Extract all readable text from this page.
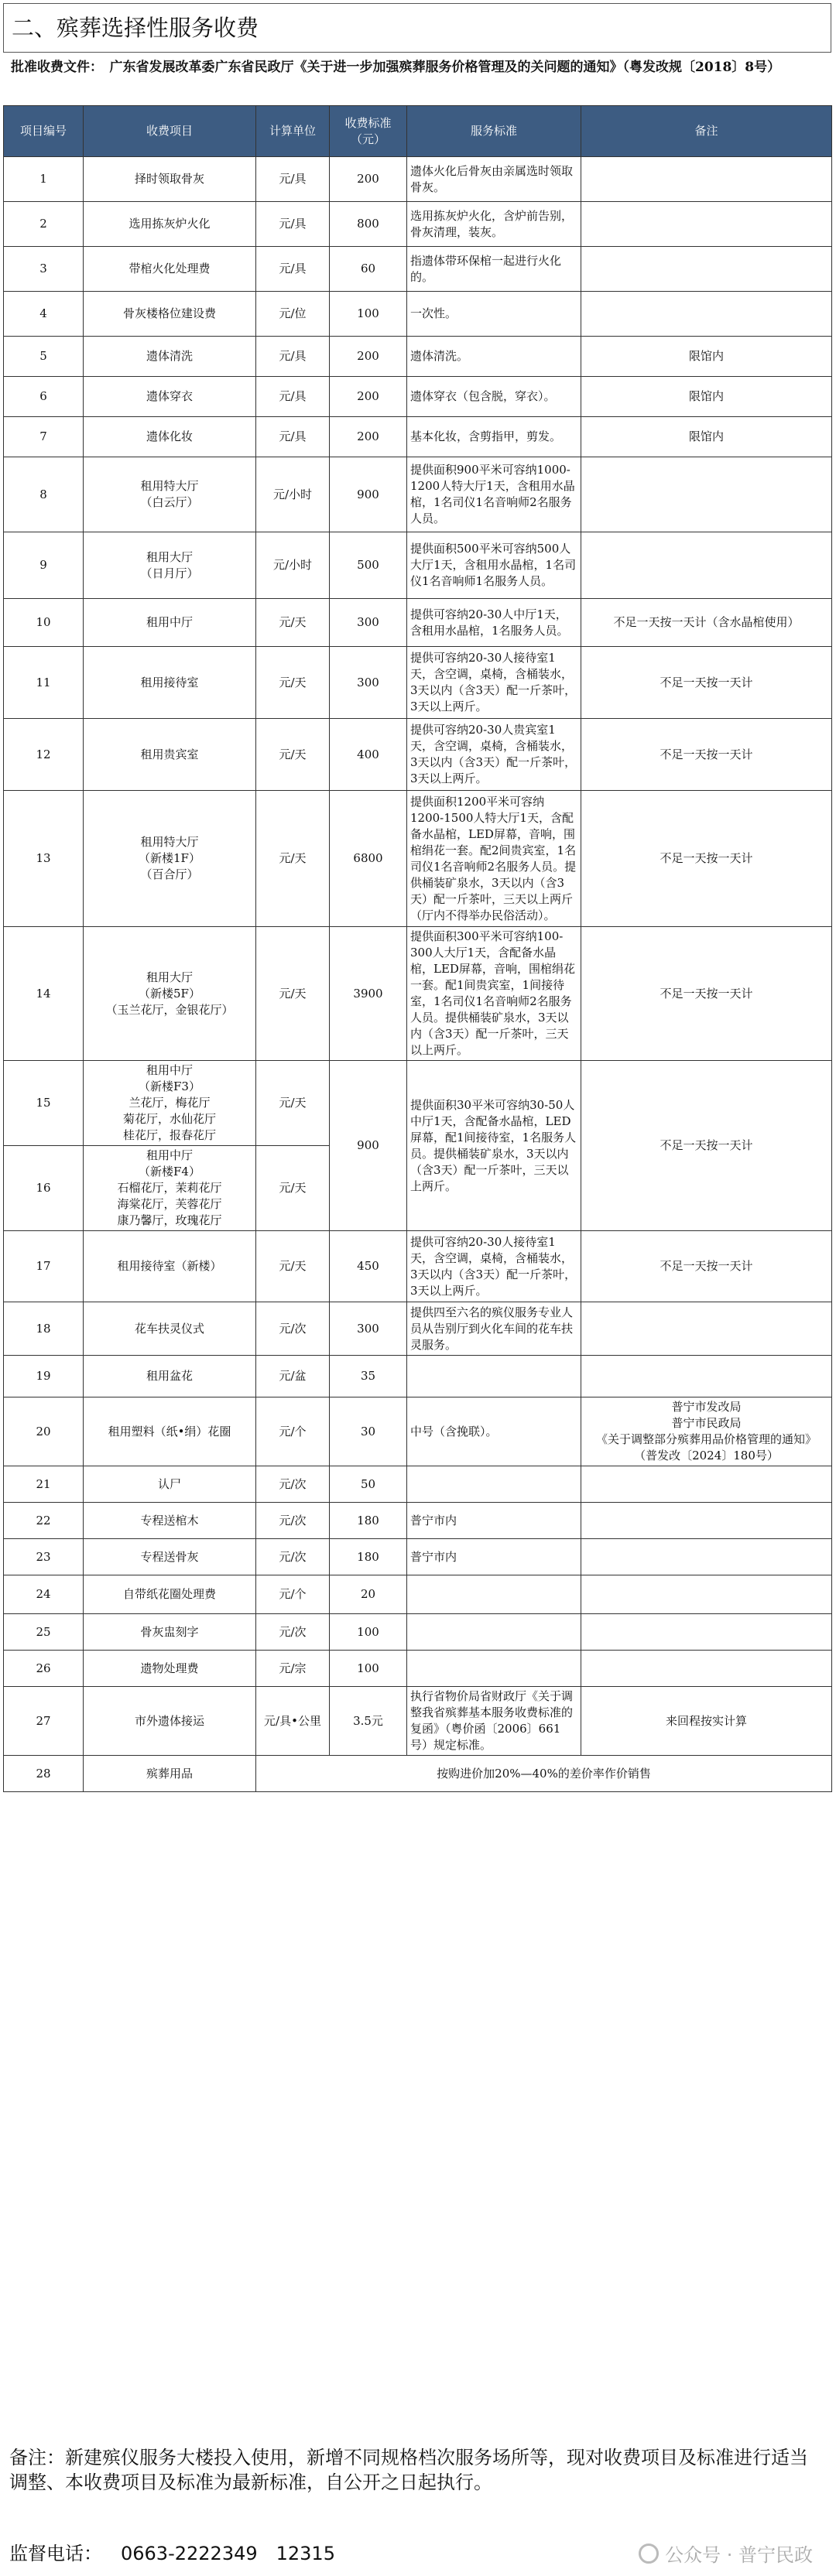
二、殡葬选择性服务收费
批准收费文件：　广东省发展改革委广东省民政厅《关于进一步加强殡葬服务价格管理及的关问题的通知》（粤发改规〔2018〕8号）
项目编号	收费项目	计算单位	收费标准（元）	服务标准	备注
1	择时领取骨灰	元/具	200	遗体火化后骨灰由亲属选时领取骨灰。	
2	选用拣灰炉火化	元/具	800	选用拣灰炉火化，含炉前告别，骨灰清理，装灰。	
3	带棺火化处理费	元/具	60	指遗体带环保棺一起进行火化的。	
4	骨灰楼格位建设费	元/位	100	一次性。	
5	遗体清洗	元/具	200	遗体清洗。	限馆内
6	遗体穿衣	元/具	200	遗体穿衣（包含脱，穿衣）。	限馆内
7	遗体化妆	元/具	200	基本化妆，含剪指甲，剪发。	限馆内
8	租用特大厅
（白云厅）	元/小时	900	提供面积900平米可容纳1000-1200人特大厅1天，含租用水晶棺，1名司仪1名音响师2名服务人员。	
9	租用大厅
（日月厅）	元/小时	500	提供面积500平米可容纳500人大厅1天，含租用水晶棺，1名司仪1名音响师1名服务人员。	
10	租用中厅	元/天	300	提供可容纳20-30人中厅1天，含租用水晶棺，1名服务人员。	不足一天按一天计（含水晶棺使用）
11	租用接待室	元/天	300	提供可容纳20-30人接待室1天，含空调，桌椅，含桶装水，3天以内（含3天）配一斤茶叶，3天以上两斤。	不足一天按一天计
12	租用贵宾室	元/天	400	提供可容纳20-30人贵宾室1天，含空调，桌椅，含桶装水，3天以内（含3天）配一斤茶叶，3天以上两斤。	不足一天按一天计
13	租用特大厅
（新楼1F）
（百合厅）	元/天	6800	提供面积1200平米可容纳1200-1500人特大厅1天，含配备水晶棺，LED屏幕，音响，围棺绢花一套。配2间贵宾室，1名司仪1名音响师2名服务人员。提供桶装矿泉水，3天以内（含3天）配一斤茶叶，三天以上两斤（厅内不得举办民俗活动）。	不足一天按一天计
14	租用大厅
（新楼5F）
（玉兰花厅，金银花厅）	元/天	3900	提供面积300平米可容纳100-300人大厅1天，含配备水晶棺，LED屏幕，音响，围棺绢花一套。配1间贵宾室，1间接待室，1名司仪1名音响师2名服务人员。提供桶装矿泉水，3天以内（含3天）配一斤茶叶，三天以上两斤。	不足一天按一天计
15	租用中厅
（新楼F3）
兰花厅，梅花厅
菊花厅，水仙花厅
桂花厅，报春花厅	元/天	900	提供面积30平米可容纳30-50人中厅1天，含配备水晶棺，LED屏幕，配1间接待室，1名服务人员。提供桶装矿泉水，3天以内（含3天）配一斤茶叶，三天以上两斤。	不足一天按一天计
16	租用中厅
（新楼F4）
石榴花厅，茉莉花厅
海棠花厅，芙蓉花厅
康乃馨厅，玫瑰花厅	元/天			
17	租用接待室（新楼）	元/天	450	提供可容纳20-30人接待室1天，含空调，桌椅，含桶装水，3天以内（含3天）配一斤茶叶，3天以上两斤。	不足一天按一天计
18	花车扶灵仪式	元/次	300	提供四至六名的殡仪服务专业人员从告别厅到火化车间的花车扶灵服务。	
19	租用盆花	元/盆	35		
20	租用塑料（纸•绢）花圈	元/个	30	中号（含挽联）。	普宁市发改局
普宁市民政局
《关于调整部分殡葬用品价格管理的通知》
（普发改〔2024〕180号）
21	认尸	元/次	50		
22	专程送棺木	元/次	180	普宁市内	
23	专程送骨灰	元/次	180	普宁市内	
24	自带纸花圈处理费	元/个	20		
25	骨灰盅刻字	元/次	100		
26	遗物处理费	元/宗	100		
27	市外遗体接运	元/具•公里	3.5元	执行省物价局省财政厅《关于调整我省殡葬基本服务收费标准的复函》（粤价函〔2006〕661号）规定标准。	来回程按实计算
28	殡葬用品	按购进价加20%—40%的差价率作价销售			
备注：新建殡仪服务大楼投入使用，新增不同规格档次服务场所等，现对收费项目及标准进行适当调整、本收费项目及标准为最新标准，自公开之日起执行。
监督电话： 0663-2222349 12315	公众号 · 普宁民政
